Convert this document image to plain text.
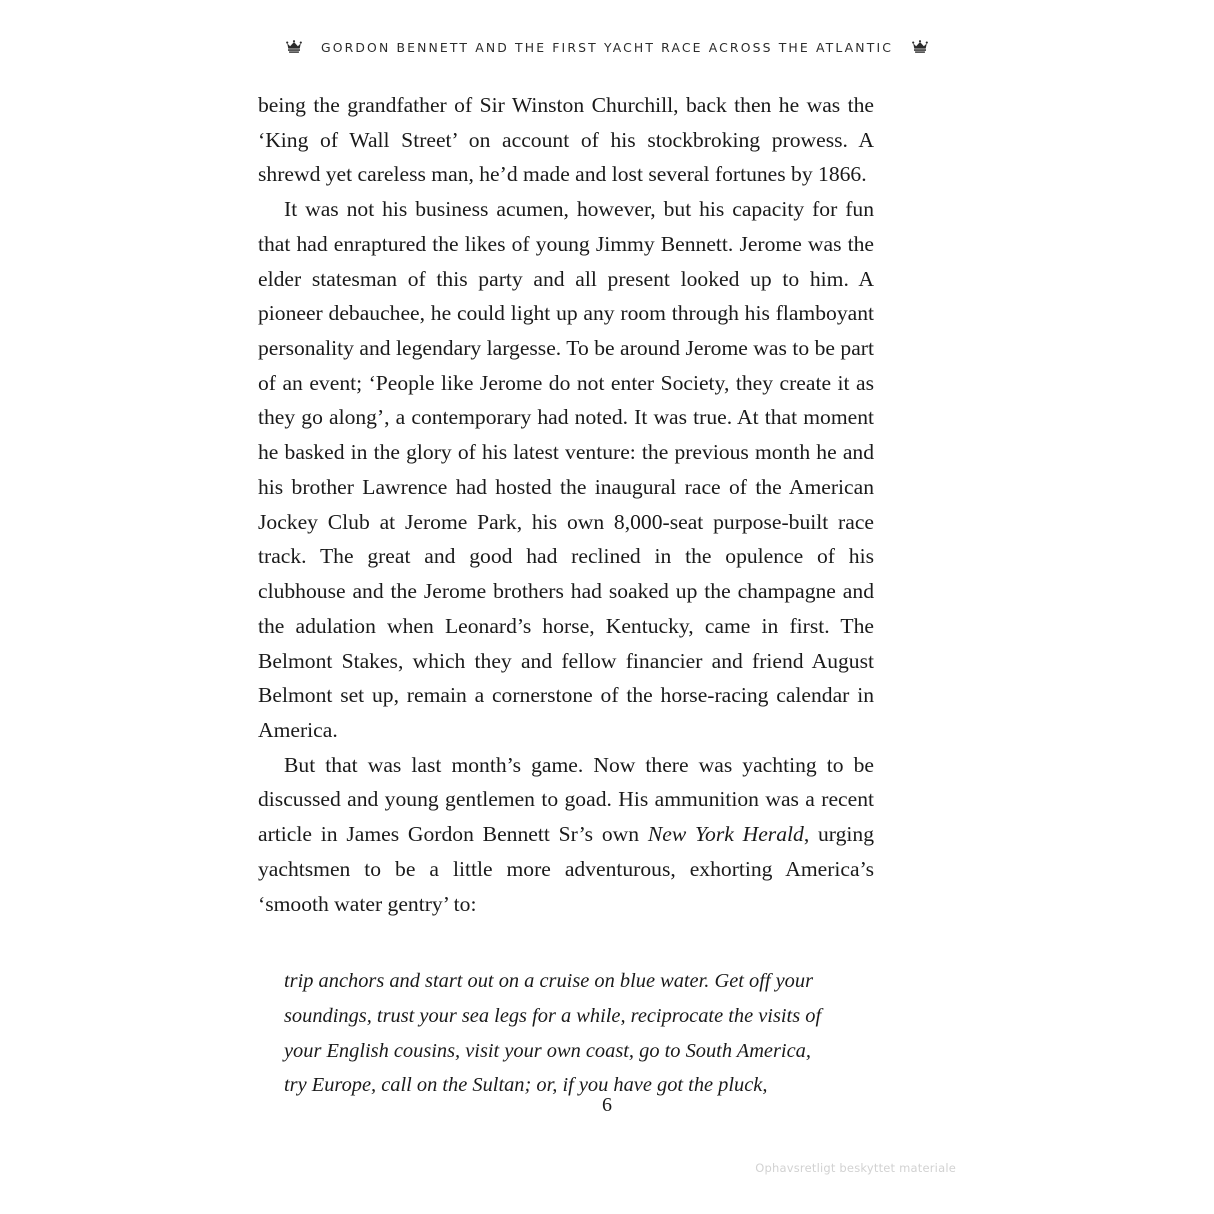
GORDON BENNETT AND THE FIRST YACHT RACE ACROSS THE ATLANTIC

being the grandfather of Sir Winston Churchill, back then he was the ‘King of Wall Street’ on account of his stockbroking prowess. A shrewd yet careless man, he’d made and lost several fortunes by 1866.

It was not his business acumen, however, but his capacity for fun that had enraptured the likes of young Jimmy Bennett. Jerome was the elder statesman of this party and all present looked up to him. A pioneer debauchee, he could light up any room through his flamboyant personality and legendary largesse. To be around Jerome was to be part of an event; ‘People like Jerome do not enter Society, they create it as they go along’, a contemporary had noted. It was true. At that moment he basked in the glory of his latest venture: the previous month he and his brother Lawrence had hosted the inaugural race of the American Jockey Club at Jerome Park, his own 8,000-seat purpose-built race track. The great and good had reclined in the opulence of his clubhouse and the Jerome brothers had soaked up the champagne and the adulation when Leonard’s horse, Kentucky, came in first. The Belmont Stakes, which they and fellow financier and friend August Belmont set up, remain a cornerstone of the horse-racing calendar in America.

But that was last month’s game. Now there was yachting to be discussed and young gentlemen to goad. His ammunition was a recent article in James Gordon Bennett Sr’s own New York Herald, urging yachtsmen to be a little more adventurous, exhorting America’s ‘smooth water gentry’ to:

trip anchors and start out on a cruise on blue water. Get off your
soundings, trust your sea legs for a while, reciprocate the visits of
your English cousins, visit your own coast, go to South America,
try Europe, call on the Sultan; or, if you have got the pluck,
6
Ophavsretligt beskyttet materiale
